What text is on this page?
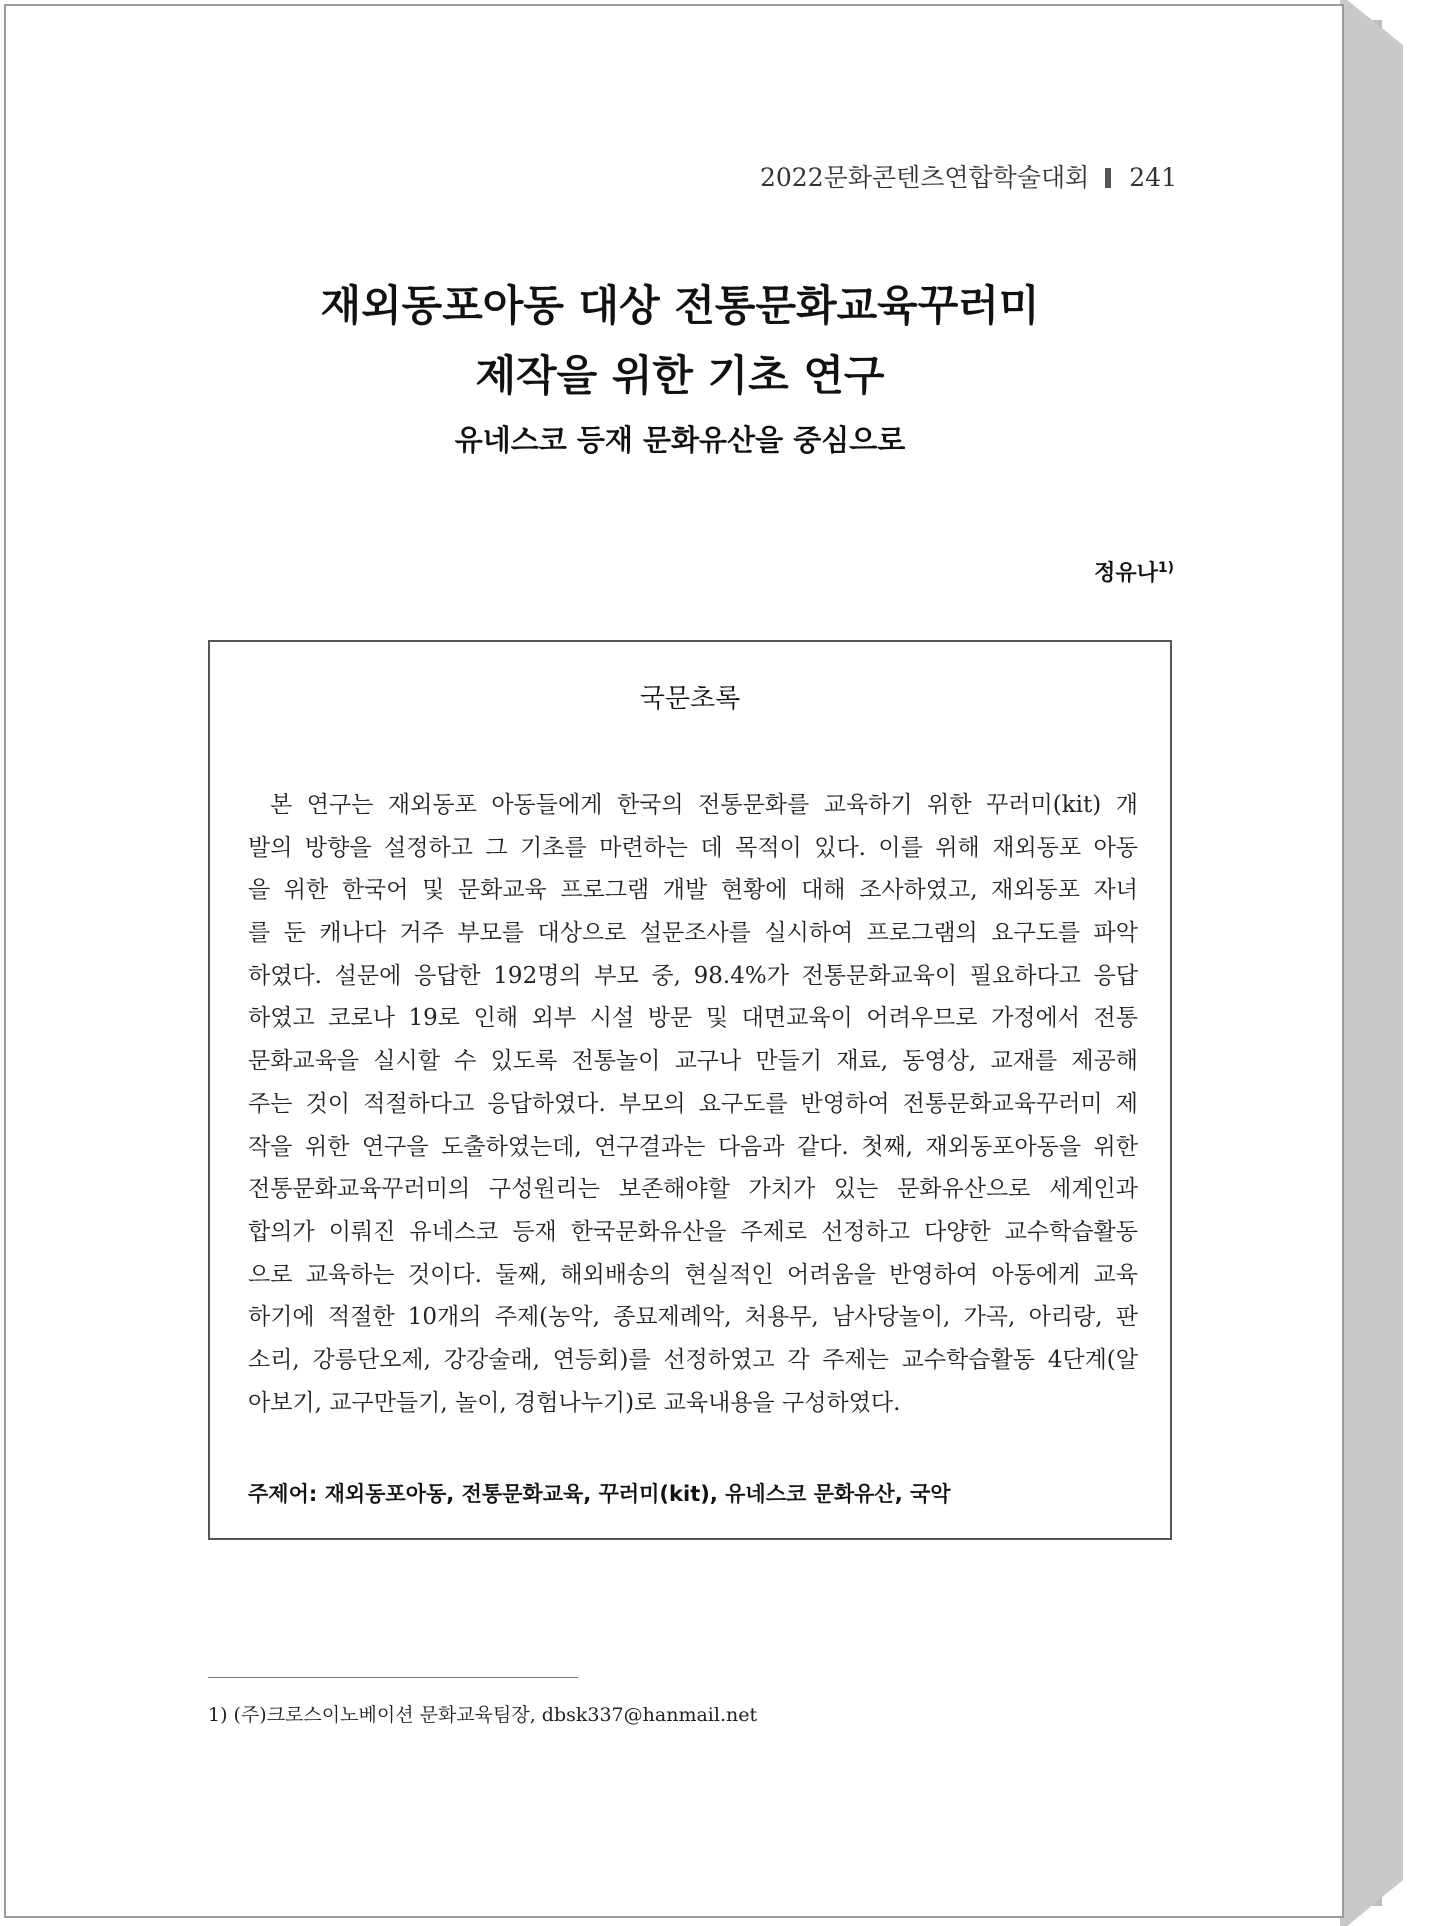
2022문화콘텐츠연합학술대회 241
재외동포아동 대상 전통문화교육꾸러미
제작을 위한 기초 연구
유네스코 등재 문화유산을 중심으로
정유나$^{1)}$
국문초록
본 연구는 재외동포 아동들에게 한국의 전통문화를 교육하기 위한 꾸러미(kit) 개
발의 방향을 설정하고 그 기초를 마련하는 데 목적이 있다. 이를 위해 재외동포 아동
을 위한 한국어 및 문화교육 프로그램 개발 현황에 대해 조사하였고, 재외동포 자녀
를 둔 캐나다 거주 부모를 대상으로 설문조사를 실시하여 프로그램의 요구도를 파악
하였다. 설문에 응답한 192명의 부모 중, 98.4%가 전통문화교육이 필요하다고 응답
하였고 코로나 19로 인해 외부 시설 방문 및 대면교육이 어려우므로 가정에서 전통
문화교육을 실시할 수 있도록 전통놀이 교구나 만들기 재료, 동영상, 교재를 제공해
주는 것이 적절하다고 응답하였다. 부모의 요구도를 반영하여 전통문화교육꾸러미 제
작을 위한 연구을 도출하였는데, 연구결과는 다음과 같다. 첫째, 재외동포아동을 위한
전통문화교육꾸러미의 구성원리는 보존해야할 가치가 있는 문화유산으로 세계인과
합의가 이뤄진 유네스코 등재 한국문화유산을 주제로 선정하고 다양한 교수학습활동
으로 교육하는 것이다. 둘째, 해외배송의 현실적인 어려움을 반영하여 아동에게 교육
하기에 적절한 10개의 주제(농악, 종묘제례악, 처용무, 남사당놀이, 가곡, 아리랑, 판
소리, 강릉단오제, 강강술래, 연등회)를 선정하였고 각 주제는 교수학습활동 4단계(알
아보기, 교구만들기, 놀이, 경험나누기)로 교육내용을 구성하였다.
주제어: 재외동포아동, 전통문화교육, 꾸러미(kit), 유네스코 문화유산, 국악
1) (주)크로스이노베이션 문화교육팀장, dbsk337@hanmail.net
